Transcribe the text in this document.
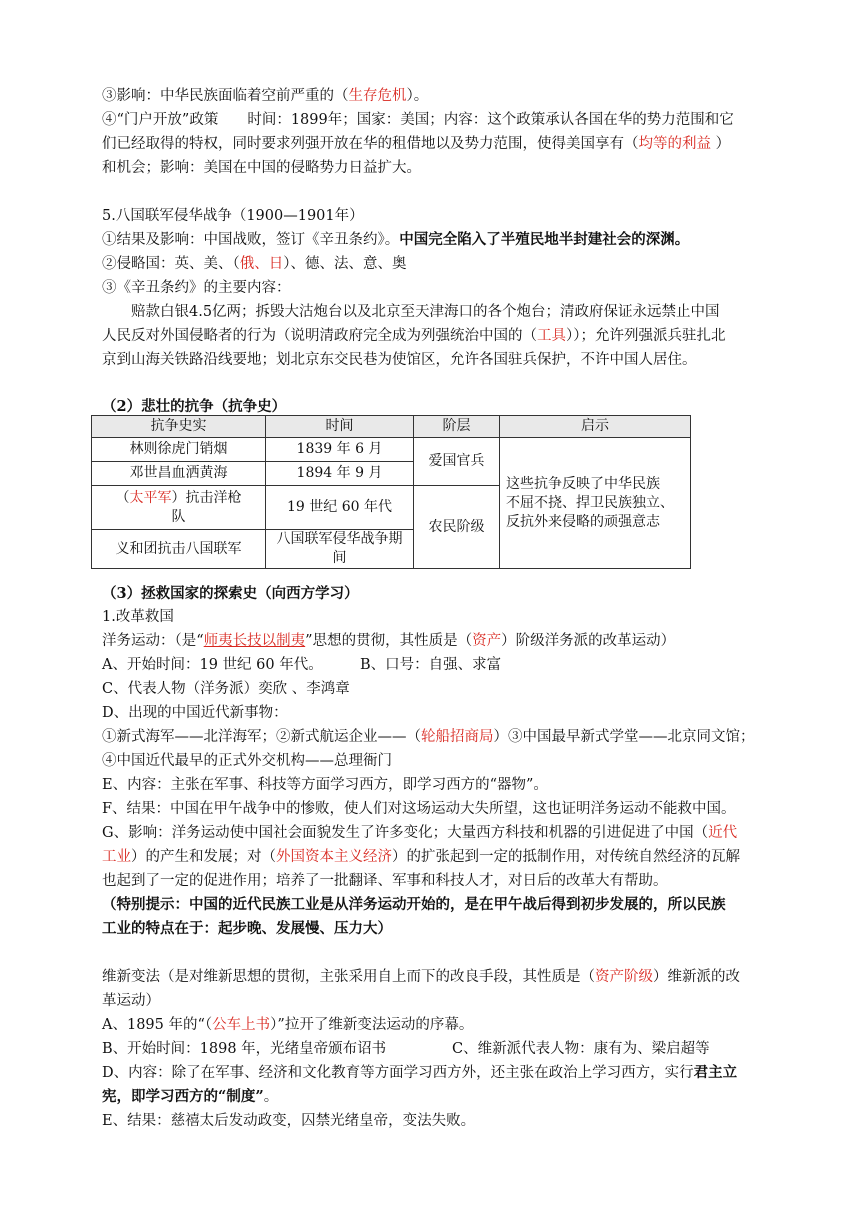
③影响：中华民族面临着空前严重的（生存危机）。
④“门户开放”政策　　时间：1899年；国家：美国；内容：这个政策承认各国在华的势力范围和它
们已经取得的特权，同时要求列强开放在华的租借地以及势力范围，使得美国享有（均等的利益 ）
和机会；影响：美国在中国的侵略势力日益扩大。
5.八国联军侵华战争（1900—1901年）
①结果及影响：中国战败，签订《辛丑条约》。中国完全陷入了半殖民地半封建社会的深渊。
②侵略国：英、美、（俄、日）、德、法、意、奥
③《辛丑条约》的主要内容：
赔款白银4.5亿两；拆毁大沽炮台以及北京至天津海口的各个炮台；清政府保证永远禁止中国
人民反对外国侵略者的行为（说明清政府完全成为列强统治中国的（工具））；允许列强派兵驻扎北
京到山海关铁路沿线要地；划北京东交民巷为使馆区，允许各国驻兵保护，不许中国人居住。
（2）悲壮的抗争（抗争史）
抗争史实	时间	阶层	启示
林则徐虎门销烟	1839 年 6 月	爱国官兵	这些抗争反映了中华民族
不屈不挠、捍卫民族独立、
反抗外来侵略的顽强意志

邓世昌血洒黄海	1894 年 9 月		
（太平军）抗击洋枪
队	19 世纪 60 年代	农民阶级	
义和团抗击八国联军	八国联军侵华战争期间		
（3）拯救国家的探索史（向西方学习）
1.改革救国
洋务运动：（是“师夷长技以制夷”思想的贯彻，其性质是（资产）阶级洋务派的改革运动）
A、开始时间：19 世纪 60 年代。	B、口号：自强、求富
C、代表人物（洋务派）奕欣 、李鸿章
D、出现的中国近代新事物：
①新式海军——北洋海军；②新式航运企业——（轮船招商局）③中国最早新式学堂——北京同文馆；
④中国近代最早的正式外交机构——总理衙门
E、内容：主张在军事、科技等方面学习西方，即学习西方的“器物”。
F、结果：中国在甲午战争中的惨败，使人们对这场运动大失所望，这也证明洋务运动不能救中国。
G、影响：洋务运动使中国社会面貌发生了许多变化；大量西方科技和机器的引进促进了中国（近代
工业）的产生和发展；对（外国资本主义经济）的扩张起到一定的抵制作用，对传统自然经济的瓦解
也起到了一定的促进作用；培养了一批翻译、军事和科技人才，对日后的改革大有帮助。
（特别提示：中国的近代民族工业是从洋务运动开始的，是在甲午战后得到初步发展的，所以民族
工业的特点在于：起步晚、发展慢、压力大）
维新变法（是对维新思想的贯彻，主张采用自上而下的改良手段，其性质是（资产阶级）维新派的改
革运动）
A、1895 年的“（公车上书）”拉开了维新变法运动的序幕。
B、开始时间：1898 年，光绪皇帝颁布诏书	C、维新派代表人物：康有为、梁启超等
D、内容：除了在军事、经济和文化教育等方面学习西方外，还主张在政治上学习西方，实行君主立
宪，即学习西方的“制度”。
E、结果：慈禧太后发动政变，囚禁光绪皇帝，变法失败。
